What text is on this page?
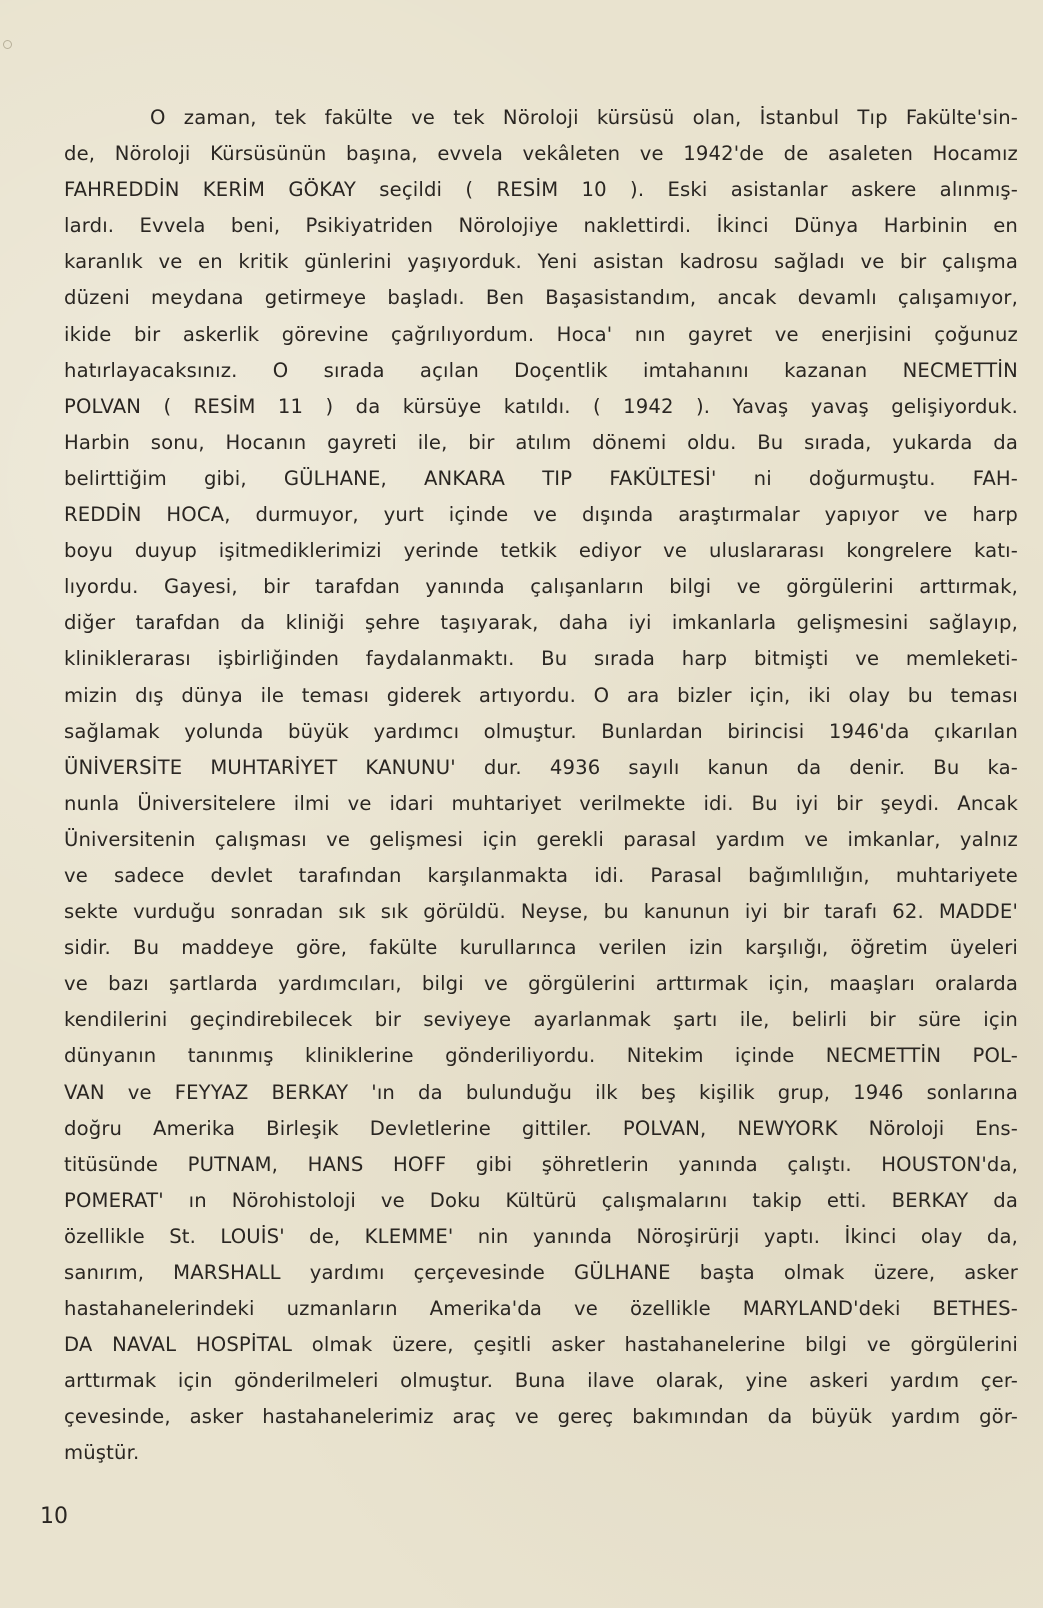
O zaman, tek fakülte ve tek Nöroloji kürsüsü olan, İstanbul Tıp Fakülte'sin-
de, Nöroloji Kürsüsünün başına, evvela vekâleten ve 1942'de de asaleten Hocamız
FAHREDDİN KERİM GÖKAY seçildi ( RESİM 10 ). Eski asistanlar askere alınmış-
lardı. Evvela beni, Psikiyatriden Nörolojiye naklettirdi. İkinci Dünya Harbinin en
karanlık ve en kritik günlerini yaşıyorduk. Yeni asistan kadrosu sağladı ve bir çalışma
düzeni meydana getirmeye başladı. Ben Başasistandım, ancak devamlı çalışamıyor,
ikide bir askerlik görevine çağrılıyordum. Hoca' nın gayret ve enerjisini çoğunuz
hatırlayacaksınız. O sırada açılan Doçentlik imtahanını kazanan NECMETTİN
POLVAN ( RESİM 11 ) da kürsüye katıldı. ( 1942 ). Yavaş yavaş gelişiyorduk.
Harbin sonu, Hocanın gayreti ile, bir atılım dönemi oldu. Bu sırada, yukarda da
belirttiğim gibi, GÜLHANE, ANKARA TIP FAKÜLTESİ' ni doğurmuştu. FAH-
REDDİN HOCA, durmuyor, yurt içinde ve dışında araştırmalar yapıyor ve harp
boyu duyup işitmediklerimizi yerinde tetkik ediyor ve uluslararası kongrelere katı-
lıyordu. Gayesi, bir tarafdan yanında çalışanların bilgi ve görgülerini arttırmak,
diğer tarafdan da kliniği şehre taşıyarak, daha iyi imkanlarla gelişmesini sağlayıp,
kliniklerarası işbirliğinden faydalanmaktı. Bu sırada harp bitmişti ve memleketi-
mizin dış dünya ile teması giderek artıyordu. O ara bizler için, iki olay bu teması
sağlamak yolunda büyük yardımcı olmuştur. Bunlardan birincisi 1946'da çıkarılan
ÜNİVERSİTE MUHTARİYET KANUNU' dur. 4936 sayılı kanun da denir. Bu ka-
nunla Üniversitelere ilmi ve idari muhtariyet verilmekte idi. Bu iyi bir şeydi. Ancak
Üniversitenin çalışması ve gelişmesi için gerekli parasal yardım ve imkanlar, yalnız
ve sadece devlet tarafından karşılanmakta idi. Parasal bağımlılığın, muhtariyete
sekte vurduğu sonradan sık sık görüldü. Neyse, bu kanunun iyi bir tarafı 62. MADDE'
sidir. Bu maddeye göre, fakülte kurullarınca verilen izin karşılığı, öğretim üyeleri
ve bazı şartlarda yardımcıları, bilgi ve görgülerini arttırmak için, maaşları oralarda
kendilerini geçindirebilecek bir seviyeye ayarlanmak şartı ile, belirli bir süre için
dünyanın tanınmış kliniklerine gönderiliyordu. Nitekim içinde NECMETTİN POL-
VAN ve FEYYAZ BERKAY 'ın da bulunduğu ilk beş kişilik grup, 1946 sonlarına
doğru Amerika Birleşik Devletlerine gittiler. POLVAN, NEWYORK Nöroloji Ens-
titüsünde PUTNAM, HANS HOFF gibi şöhretlerin yanında çalıştı. HOUSTON'da,
POMERAT' ın Nörohistoloji ve Doku Kültürü çalışmalarını takip etti. BERKAY da
özellikle St. LOUİS' de, KLEMME' nin yanında Nöroşirürji yaptı. İkinci olay da,
sanırım, MARSHALL yardımı çerçevesinde GÜLHANE başta olmak üzere, asker
hastahanelerindeki uzmanların Amerika'da ve özellikle MARYLAND'deki BETHES-
DA NAVAL HOSPİTAL olmak üzere, çeşitli asker hastahanelerine bilgi ve görgülerini
arttırmak için gönderilmeleri olmuştur. Buna ilave olarak, yine askeri yardım çer-
çevesinde, asker hastahanelerimiz araç ve gereç bakımından da büyük yardım gör-
müştür.
10
